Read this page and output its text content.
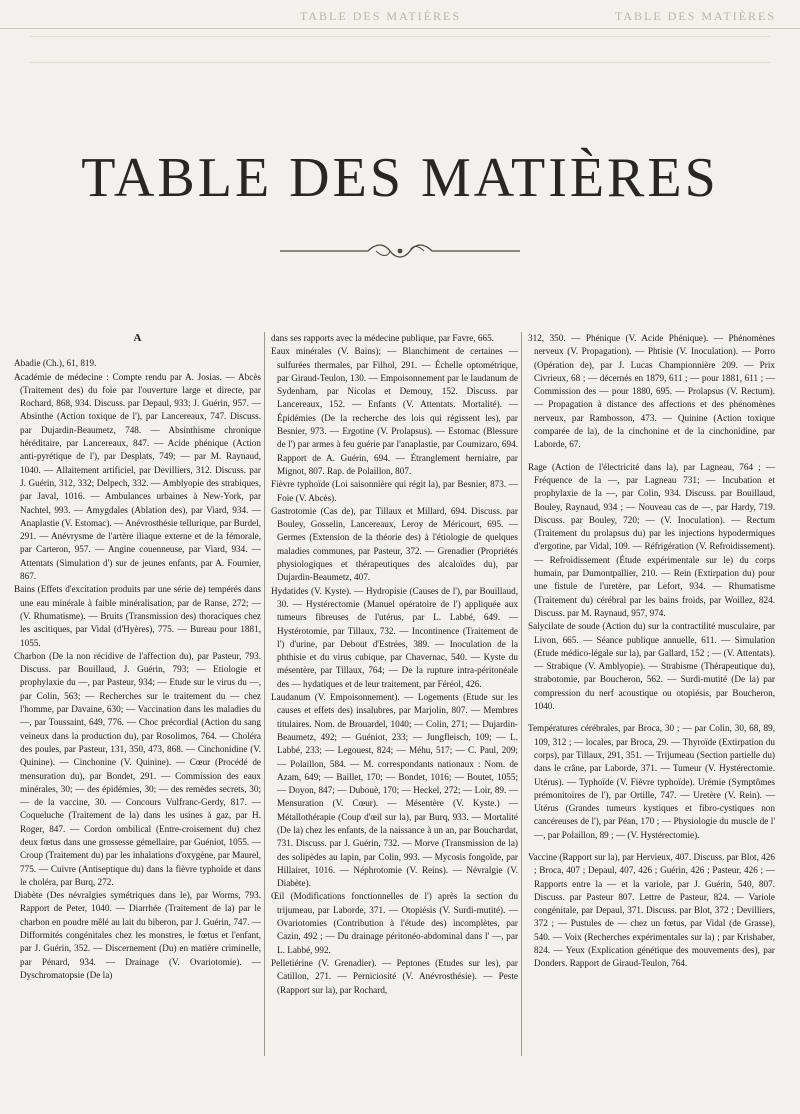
TABLE DES MATIÈRES	TABLE DES MATIÈRES
TABLE DES MATIÈRES

A

Abadie (Ch.), 61, 819.

Académie de médecine : Compte rendu par A. Josias. — Abcès (Traitement des) du foie par l'ouverture large et directe, par Rochard, 868, 934. Discuss. par Depaul, 933; J. Guérin, 957. — Absinthe (Action toxique de l'), par Lancereaux, 747. Discuss. par Dujardin-Beaumetz, 748. — Absinthisme chronique héréditaire, par Lancereaux, 847. — Acide phénique (Action anti-pyrétique de l'), par Desplats, 749; — par M. Raynaud, 1040. — Allaitement artificiel, par Devilliers, 312. Discuss. par J. Guérin, 312, 332; Delpech, 332. — Amblyopie des strabiques, par Javal, 1016. — Ambulances urbaines à New-York, par Nachtel, 993. — Amygdales (Ablation des), par Viard, 934. — Anaplastie (V. Estomac). — Anévrosthésie tellurique, par Burdel, 291. — Anévrysme de l'artère iliaque externe et de la fémorale, par Carteron, 957. — Angine couenneuse, par Viard, 934. — Attentats (Simulation d') sur de jeunes enfants, par A. Fournier, 867.

Bains (Effets d'excitation produits par une série de) tempérés dans une eau minérale à faible minéralisation, par de Ranse, 272; — (V. Rhumatisme). — Bruits (Transmission des) thoraciques chez les ascitiques, par Vidal (d'Hyères), 775. — Bureau pour 1881, 1055.

Charbon (De la non récidive de l'affection du), par Pasteur, 793. Discuss. par Bouillaud, J. Guérin, 793; — Etiologie et prophylaxie du —, par Pasteur, 934; — Etude sur le virus du —, par Colin, 563; — Recherches sur le traitement du — chez l'homme, par Davaine, 630; — Vaccination dans les maladies du —, par Toussaint, 649, 776. — Choc précordial (Action du sang veineux dans la production du), par Rosolimos, 764. — Choléra des poules, par Pasteur, 131, 350, 473, 868. — Cinchonidine (V. Quinine). — Cinchonine (V. Quinine). — Cœur (Procédé de mensuration du), par Bondet, 291. — Commission des eaux minérales, 30; — des épidémies, 30; — des remèdes secrets, 30; — de la vaccine, 30. — Concours Vulfranc-Gerdy, 817. — Coqueluche (Traitement de la) dans les usines à gaz, par H. Roger, 847. — Cordon ombilical (Entre-croisement du) chez deux fœtus dans une grossesse gémellaire, par Guéniot, 1055. — Croup (Traitement du) par les inhalations d'oxygène, par Maurel, 775. — Cuivre (Antiseptique du) dans la fièvre typhoïde et dans le choléra, par Burq, 272.

Diabète (Des névralgies symétriques dans le), par Worms, 793. Rapport de Peter, 1040. — Diarrhée (Traitement de la) par le charbon en poudre mêlé au lait du biberon, par J. Guérin, 747. — Difformités congénitales chez les monstres, le fœtus et l'enfant, par J. Guérin, 352. — Discernement (Du) en matière criminelle, par Pénard, 934. — Drainage (V. Ovariotomie). — Dyschromatopsie (De la)

dans ses rapports avec la médecine publique, par Favre, 665.

Eaux minérales (V. Bains); — Blanchiment de certaines — sulfurées thermales, par Filhol, 291. — Échelle optométrique, par Giraud-Teulon, 130. — Empoisonnement par le laudanum de Sydenham, par Nicolas et Demouy, 152. Discuss. par Lancereaux, 152. — Enfants (V. Attentats. Mortalité). — Épidémies (De la recherche des lois qui régissent les), par Besnier, 973. — Ergotine (V. Prolapsus). — Estomac (Blessure de l') par armes à feu guérie par l'anaplastie, par Coumizaro, 694. Rapport de A. Guérin, 694. — Étranglement herniaire, par Mignot, 807. Rap. de Polaillon, 807.

Fièvre typhoïde (Loi saisonnière qui régit la), par Besnier, 873. — Foie (V. Abcès).

Gastrotomie (Cas de), par Tillaux et Millard, 694. Discuss. par Bouley, Gosselin, Lancereaux, Leroy de Méricourt, 695. — Germes (Extension de la théorie des) à l'étiologie de quelques maladies communes, par Pasteur, 372. — Grenadier (Propriétés physiologiques et thérapeutiques des alcaloïdes du), par Dujardin-Beaumetz, 407.

Hydatides (V. Kyste). — Hydropisie (Causes de l'), par Bouillaud, 30. — Hystérectomie (Manuel opératoire de l') appliquée aux tumeurs fibreuses de l'utérus, par L. Labbé, 649. — Hystérotomie, par Tillaux, 732. — Incontinence (Traitement de l') d'urine, par Debout d'Estrées, 389. — Inoculation de la phthisie et du virus cubique, par Chavernac, 540. — Kyste du mésentère, par Tillaux, 764; — De la rupture intra-péritonéale des — hydatiques et de leur traitement, par Féréol, 426.

Laudanum (V. Empoisonnement). — Logements (Etude sur les causes et effets des) insalubres, par Marjolin, 807. — Membres titulaires. Nom. de Brouardel, 1040; — Colin, 271; — Dujardin-Beaumetz, 492; — Guéniot, 233; — Jungfleisch, 109; — L. Labbé, 233; — Legouest, 824; — Méhu, 517; — C. Paul, 209; — Polaillon, 584. — M. correspondants nationaux : Nom. de Azam, 649; — Baillet, 170; — Bondet, 1016; — Boutet, 1055; — Doyon, 847; — Dubouè, 170; — Heckel, 272; — Loir, 89. — Mensuration (V. Cœur). — Mésentère (V. Kyste.) — Métallothérapie (Coup d'œil sur la), par Burq, 933. — Mortalité (De la) chez les enfants, de la naissance à un an, par Bouchardat, 731. Discuss. par J. Guérin, 732. — Morve (Transmission de la) des solipèdes au lapin, par Colin, 993. — Mycosis fongoïde, par Hillairet, 1016. — Néphrotomie (V. Reins). — Névralgie (V. Diabète).

Œil (Modifications fonctionnelles de l') après la section du trijumeau, par Laborde, 371. — Otopiésis (V. Surdi-mutité). — Ovariotomies (Contribution à l'étude des) incomplètes, par Cazin, 492 ; — Du drainage péritonéo-abdominal dans l' —, par L. Labbé, 992.

Pelletiérine (V. Grenadier). — Peptones (Etudes sur les), par Catillon, 271. — Perniciosité (V. Anévrosthésie). — Peste (Rapport sur la), par Rochard,

312, 350. — Phénique (V. Acide Phénique). — Phénomènes nerveux (V. Propagation). — Phtisie (V. Inoculation). — Porro (Opération de), par J. Lucas Championnière 209. — Prix Civrieux, 68 ; — décernés en 1879, 611 ; — pour 1881, 611 ; — Commission des — pour 1880, 695. — Prolapsus (V. Rectum). — Propagation à distance des affections et des phénomènes nerveux, par Rambosson, 473. — Quinine (Action toxique comparée de la), de la cinchonine et de la cinchonidine, par Laborde, 67.

Rage (Action de l'électricité dans la), par Lagneau, 764 ; — Fréquence de la —, par Lagneau 731; — Incubation et prophylaxie de la —, par Colin, 934. Discuss. par Bouillaud, Bouley, Raynaud, 934 ; — Nouveau cas de —, par Hardy, 719. Discuss. par Bouley, 720; — (V. Inoculation). — Rectum (Traitement du prolapsus du) par les injections hypodermiques d'ergotine, par Vidal, 109. — Réfrigération (V. Refroidissement). — Refroidissement (Étude expérimentale sur le) du corps humain, par Dumontpallier, 210. — Rein (Extirpation du) pour une fistule de l'uretère, par Lefort, 934. — Rhumatisme (Traitement du) cérébral par les bains froids, par Woillez, 824. Discuss. par M. Raynaud, 957, 974.

Salycilate de soude (Action du) sur la contractilité musculaire, par Livon, 665. — Séance publique annuelle, 611. — Simulation (Etude médico-légale sur la), par Gallard, 152 ; — (V. Attentats). — Strabique (V. Amblyopie). — Strabisme (Thérapeutique du), strabotomie, par Boucheron, 562. — Surdi-mutité (De la) par compression du nerf acoustique ou otopiésis, par Boucheron, 1040.

Températures cérébrales, par Broca, 30 ; — par Colin, 30, 68, 89, 109, 312 ; — locales, par Broca, 29. — Thyroïde (Extirpation du corps), par Tillaux, 291, 351. — Trijumeau (Section partielle du) dans le crâne, par Laborde, 371. — Tumeur (V. Hystérectomie. Utérus). — Typhoïde (V. Fièvre typhoïde). Urémie (Symptômes prémonitoires de l'), par Ortille, 747. — Uretère (V. Rein). — Utérus (Grandes tumeurs kystiques et fibro-cystiques non cancéreuses de l'), par Péan, 170 ; — Physiologie du muscle de l' —, par Polaillon, 89 ; — (V. Hystérectomie).

Vaccine (Rapport sur la), par Hervieux, 407. Discuss. par Blot, 426 ; Broca, 407 ; Depaul, 407, 426 ; Guérin, 426 ; Pasteur, 426 ; — Rapports entre la — et la variole, par J. Guérin, 540, 807. Discuss. par Pasteur 807. Lettre de Pasteur, 824. — Variole congénitale, par Depaul, 371. Discuss. par Blot, 372 ; Devilliers, 372 ; — Pustules de — chez un fœtus, par Vidal (de Grasse), 540. — Voix (Recherches expérimentales sur la) ; par Krishaber, 824. — Yeux (Explication génétique des mouvements des), par Donders. Rapport de Giraud-Teulon, 764.
